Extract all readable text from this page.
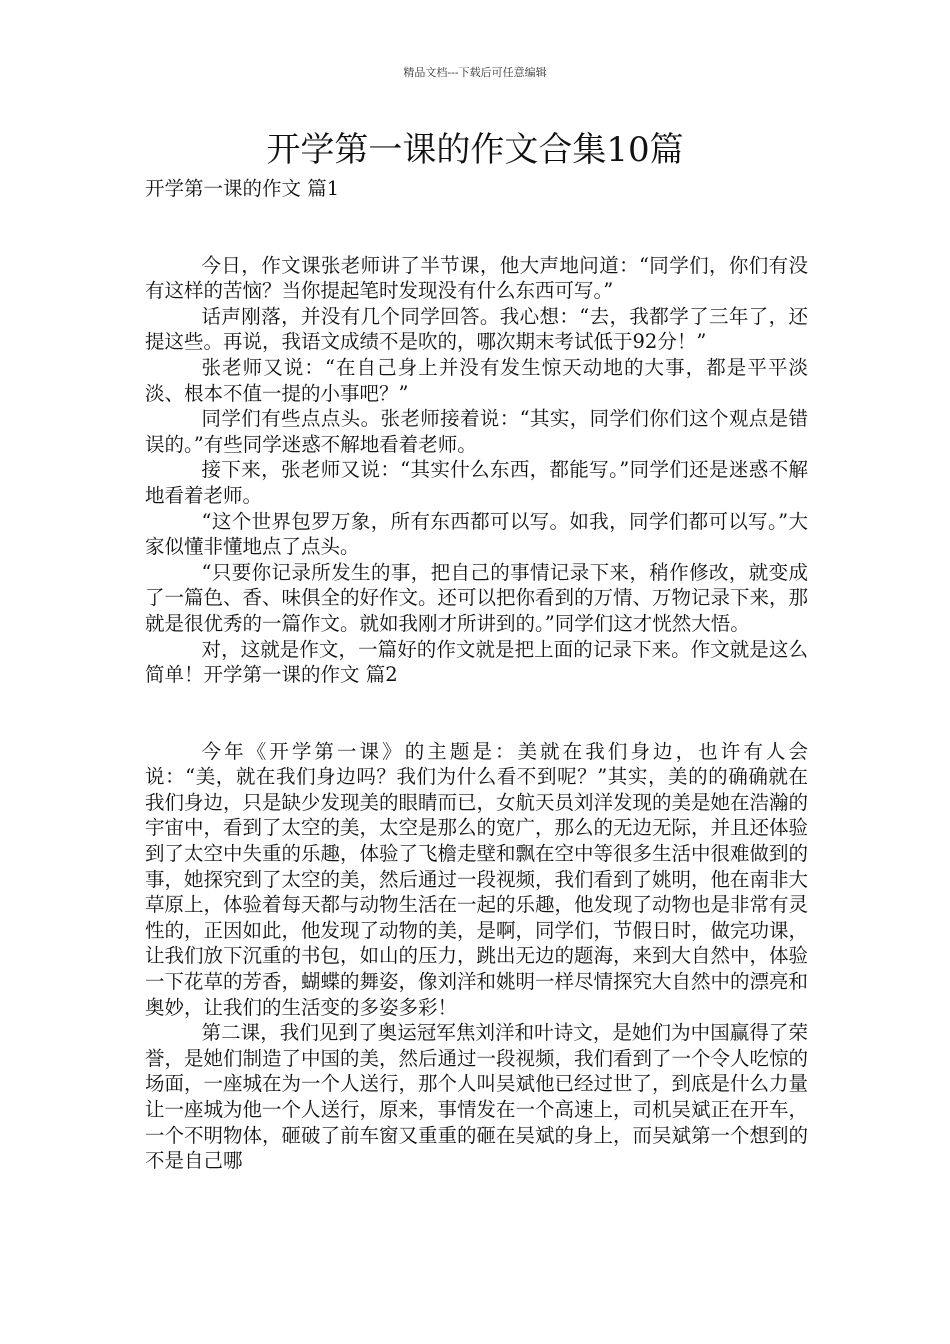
精品文档---下载后可任意编辑
开学第一课的作文合集10篇
开学第一课的作文 篇1

今日，作文课张老师讲了半节课，他大声地问道：“同学们，你们有没有这样的苦恼？当你提起笔时发现没有什么东西可写。”

话声刚落，并没有几个同学回答。我心想：“去，我都学了三年了，还提这些。再说，我语文成绩不是吹的，哪次期末考试低于92分！”

张老师又说：“在自己身上并没有发生惊天动地的大事，都是平平淡淡、根本不值一提的小事吧？”

同学们有些点点头。张老师接着说：“其实，同学们你们这个观点是错误的。”有些同学迷惑不解地看着老师。

接下来，张老师又说：“其实什么东西，都能写。”同学们还是迷惑不解地看着老师。

“这个世界包罗万象，所有东西都可以写。如我，同学们都可以写。”大家似懂非懂地点了点头。

“只要你记录所发生的事，把自己的事情记录下来，稍作修改，就变成了一篇色、香、味俱全的好作文。还可以把你看到的万情、万物记录下来，那就是很优秀的一篇作文。就如我刚才所讲到的。”同学们这才恍然大悟。

对，这就是作文，一篇好的作文就是把上面的记录下来。作文就是这么简单！开学第一课的作文 篇2

今年《开学第一课》的主题是：美就在我们身边，也许有人会说：“美，就在我们身边吗？我们为什么看不到呢？”其实，美的的确确就在我们身边，只是缺少发现美的眼睛而已，女航天员刘洋发现的美是她在浩瀚的宇宙中，看到了太空的美，太空是那么的宽广，那么的无边无际，并且还体验到了太空中失重的乐趣，体验了飞檐走壁和飘在空中等很多生活中很难做到的事，她探究到了太空的美，然后通过一段视频，我们看到了姚明，他在南非大草原上，体验着每天都与动物生活在一起的乐趣，他发现了动物也是非常有灵性的，正因如此，他发现了动物的美，是啊，同学们，节假日时，做完功课，让我们放下沉重的书包，如山的压力，跳出无边的题海，来到大自然中，体验一下花草的芳香，蝴蝶的舞姿，像刘洋和姚明一样尽情探究大自然中的漂亮和奥妙，让我们的生活变的多姿多彩！

第二课，我们见到了奥运冠军焦刘洋和叶诗文，是她们为中国赢得了荣誉，是她们制造了中国的美，然后通过一段视频，我们看到了一个令人吃惊的场面，一座城在为一个人送行，那个人叫吴斌他已经过世了，到底是什么力量让一座城为他一个人送行，原来，事情发在一个高速上，司机吴斌正在开车，一个不明物体，砸破了前车窗又重重的砸在吴斌的身上，而吴斌第一个想到的不是自己哪
